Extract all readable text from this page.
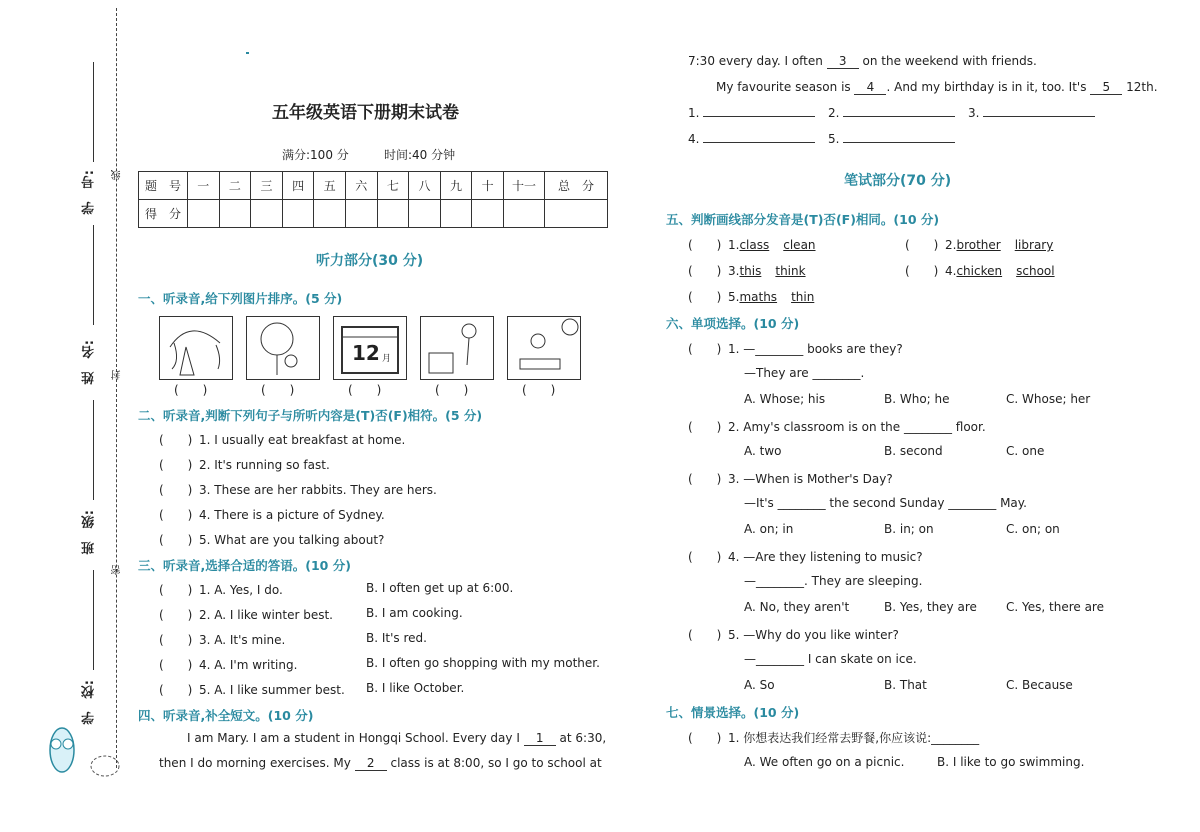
学　号:
姓　名:
班　级:
学　校:
线
封
密
五年级英语下册期末试卷
满分:100 分	时间:40 分钟
题　号	一	二	三	四	五	六	七	八	九	十	十一	总　分
得　分												
听力部分(30 分)
一、听录音,给下列图片排序。(5 分)
12 月
(　　)	(　　)	(　　)	(　　)	(　　)
二、听录音,判断下列句子与所听内容是(T)否(F)相符。(5 分)
(　　) 1. I usually eat breakfast at home.
(　　) 2. It's running so fast.
(　　) 3. These are her rabbits. They are hers.
(　　) 4. There is a picture of Sydney.
(　　) 5. What are you talking about?
三、听录音,选择合适的答语。(10 分)
(　　) 1. A. Yes, I do.	B. I often get up at 6:00.
(　　) 2. A. I like winter best.	B. I am cooking.
(　　) 3. A. It's mine.	B. It's red.
(　　) 4. A. I'm writing.	B. I often go shopping with my mother.
(　　) 5. A. I like summer best. B. I like October.
四、听录音,补全短文。(10 分)
I am Mary. I am a student in Hongqi School. Every day I 1 at 6:30,
then I do morning exercises. My 2 class is at 8:00, so I go to school at
7:30 every day. I often 3 on the weekend with friends.
My favourite season is 4 . And my birthday is in it, too. It's 5 12th.
1.	2.	3.
4.	5.
笔试部分(70 分)
五、判断画线部分发音是(T)否(F)相同。(10 分)
(　　) 1.class clean	(　　) 2.brother library
(　　) 3.this think	(　　) 4.chicken school
(　　) 5.maths thin
六、单项选择。(10 分)
(　　) 1. —________ books are they?
—They are ________.
A. Whose; his	B. Who; he	C. Whose; her
(　　) 2. Amy's classroom is on the ________ floor.
A. two	B. second	C. one
(　　) 3. —When is Mother's Day?
—It's ________ the second Sunday ________ May.
A. on; in	B. in; on	C. on; on
(　　) 4. —Are they listening to music?
—________. They are sleeping.
A. No, they aren't	B. Yes, they are C. Yes, there are
(　　) 5. —Why do you like winter?
—________ I can skate on ice.
A. So	B. That	C. Because
七、情景选择。(10 分)
(　　) 1. 你想表达我们经常去野餐,你应该说:________
A. We often go on a picnic.	B. I like to go swimming.
